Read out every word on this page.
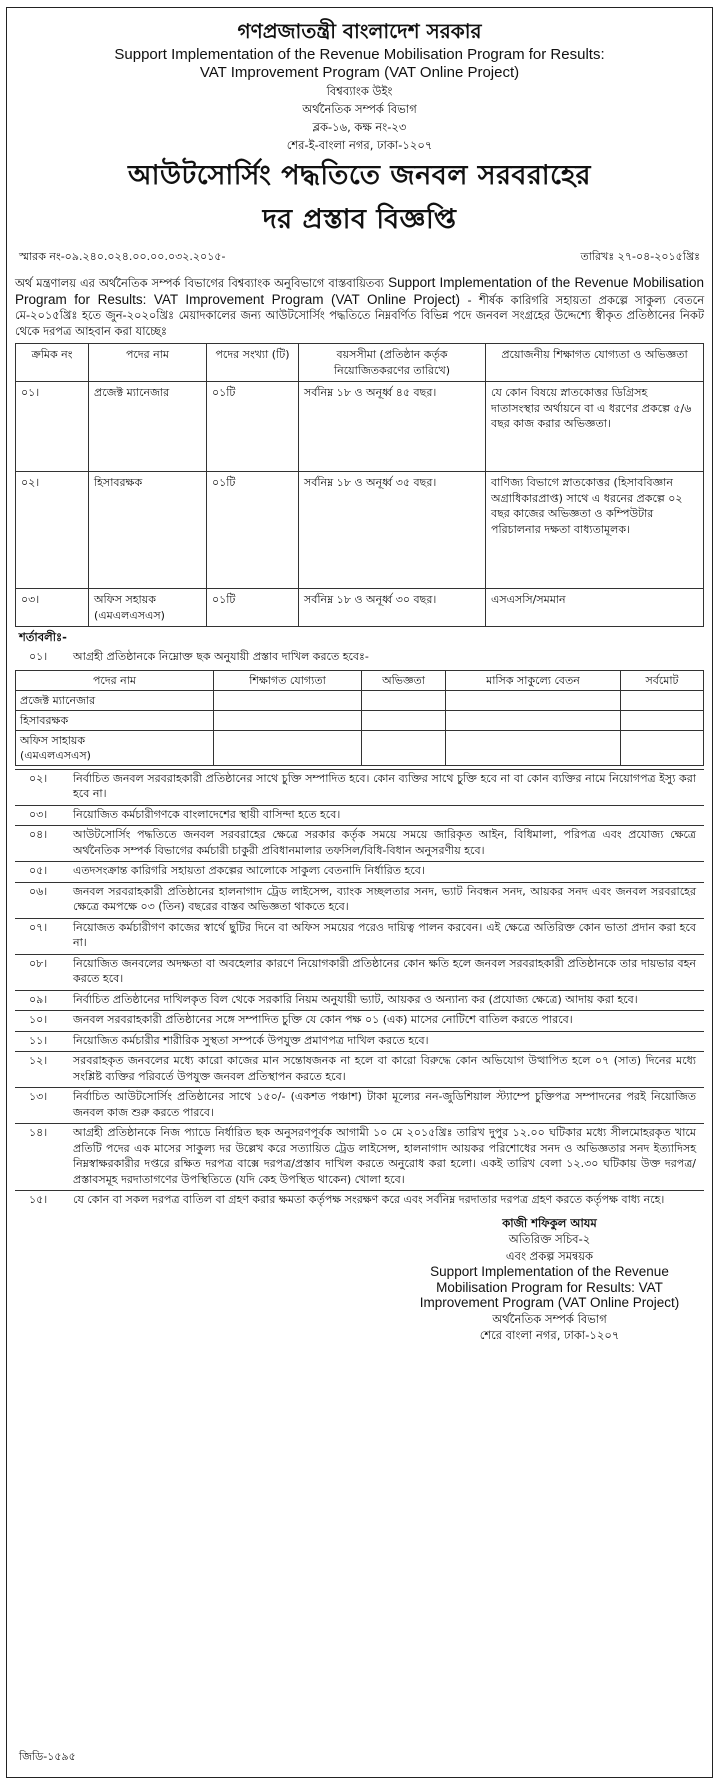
গণপ্রজাতন্ত্রী বাংলাদেশ সরকার
Support Implementation of the Revenue Mobilisation Program for Results:
VAT Improvement Program (VAT Online Project)
বিশ্বব্যাংক উইং
অর্থনৈতিক সম্পর্ক বিভাগ
ব্লক-১৬, কক্ষ নং-২৩
শের-ই-বাংলা নগর, ঢাকা-১২০৭
আউটসোর্সিং পদ্ধতিতে জনবল সরবরাহের
দর প্রস্তাব বিজ্ঞপ্তি
স্মারক নং-০৯.২৪০.০২৪.০০.০০.০৩২.২০১৫-	তারিখঃ ২৭-০৪-২০১৫খ্রিঃ

অর্থ মন্ত্রণালয় এর অর্থনৈতিক সম্পর্ক বিভাগের বিশ্বব্যাংক অনুবিভাগে বাস্তবায়িতব্য Support Implementation of the Revenue Mobilisation Program for Results: VAT Improvement Program (VAT Online Project) - শীর্ষক কারিগরি সহায়তা প্রকল্পে সাকুল্য বেতনে মে-২০১৫খ্রিঃ হতে জুন-২০২০খ্রিঃ মেয়াদকালের জন্য আউটসোর্সিং পদ্ধতিতে নিম্নবর্ণিত বিভিন্ন পদে জনবল সংগ্রহের উদ্দেশ্যে স্বীকৃত প্রতিষ্ঠানের নিকট থেকে দরপত্র আহবান করা যাচ্ছেঃ

ক্রমিক নং	পদের নাম	পদের সংখ্যা (টি)	বয়সসীমা (প্রতিষ্ঠান কর্তৃক নিয়োজিতকরণের তারিখে)	প্রয়োজনীয় শিক্ষাগত যোগ্যতা ও অভিজ্ঞতা
০১।	প্রজেক্ট ম্যানেজার	০১টি	সর্বনিম্ন ১৮ ও অনূর্ধ্ব ৪৫ বছর।	যে কোন বিষয়ে স্নাতকোত্তর ডিগ্রিসহ দাতাসংস্থার অর্থায়নে বা এ ধরণের প্রকল্পে ৫/৬ বছর কাজ করার অভিজ্ঞতা।
০২।	হিসাবরক্ষক	০১টি	সর্বনিম্ন ১৮ ও অনূর্ধ্ব ৩৫ বছর।	বাণিজ্য বিভাগে স্নাতকোত্তর (হিসাববিজ্ঞান অগ্রাধিকারপ্রাপ্ত) সাথে এ ধরনের প্রকল্পে ০২ বছর কাজের অভিজ্ঞতা ও কম্পিউটার পরিচালনার দক্ষতা বাধ্যতামূলক।
০৩।	অফিস সহায়ক (এমএলএসএস)	০১টি	সর্বনিম্ন ১৮ ও অনূর্ধ্ব ৩০ বছর।	এসএসসি/সমমান
শর্তাবলীঃ-
০১।	আগ্রহী প্রতিষ্ঠানকে নিম্নোক্ত ছক অনুযায়ী প্রস্তাব দাখিল করতে হবেঃ-
পদের নাম	শিক্ষাগত যোগ্যতা	অভিজ্ঞতা	মাসিক সাকুল্যে বেতন	সর্বমোট
প্রজেক্ট ম্যানেজার				
হিসাবরক্ষক				
অফিস সাহায়ক (এমএলএসএস)				
০২।	নির্বাচিত জনবল সরবরাহকারী প্রতিষ্ঠানের সাথে চুক্তি সম্পাদিত হবে। কোন ব্যক্তির সাথে চুক্তি হবে না বা কোন ব্যক্তির নামে নিয়োগপত্র ইস্যু করা হবে না।
০৩।	নিয়োজিত কর্মচারীগণকে বাংলাদেশের স্থায়ী বাসিন্দা হতে হবে।
০৪।	আউটসোর্সিং পদ্ধতিতে জনবল সরবরাহের ক্ষেত্রে সরকার কর্তৃক সময়ে সময়ে জারিকৃত আইন, বিধিমালা, পরিপত্র এবং প্রযোজ্য ক্ষেত্রে অর্থনৈতিক সম্পর্ক বিভাগের কর্মচারী চাকুরী প্রবিধানমালার তফসিল/বিধি-বিধান অনুসরণীয় হবে।
০৫।	এতদসংক্রান্ত কারিগরি সহায়তা প্রকল্পের আলোকে সাকুল্য বেতনাদি নির্ধারিত হবে।
০৬।	জনবল সরবরাহকারী প্রতিষ্ঠানের হালনাগাদ ট্রেড লাইসেন্স, ব্যাংক সচ্ছলতার সনদ, ভ্যাট নিবন্ধন সনদ, আয়কর সনদ এবং জনবল সরবরাহের ক্ষেত্রে কমপক্ষে ০৩ (তিন) বছরের বাস্তব অভিজ্ঞতা থাকতে হবে।
০৭।	নিয়োজত কর্মচারীগণ কাজের স্বার্থে ছুটির দিনে বা অফিস সময়ের পরেও দায়িত্ব পালন করবেন। এই ক্ষেত্রে অতিরিক্ত কোন ভাতা প্রদান করা হবে না।
০৮।	নিয়োজিত জনবলের অদক্ষতা বা অবহেলার কারণে নিয়োগকারী প্রতিষ্ঠানের কোন ক্ষতি হলে জনবল সরবরাহকারী প্রতিষ্ঠানকে তার দায়ভার বহন করতে হবে।
০৯।	নির্বাচিত প্রতিষ্ঠানের দাখিলকৃত বিল থেকে সরকারি নিয়ম অনুযায়ী ভ্যাট, আয়কর ও অন্যান্য কর (প্রযোজ্য ক্ষেত্রে) আদায় করা হবে।
১০।	জনবল সরবরাহকারী প্রতিষ্ঠানের সঙ্গে সম্পাদিত চুক্তি যে কোন পক্ষ ০১ (এক) মাসের নোটিশে বাতিল করতে পারবে।
১১।	নিয়োজিত কর্মচারীর শারীরিক সুস্থতা সম্পর্কে উপযুক্ত প্রমাণপত্র দাখিল করতে হবে।
১২।	সরবরাহকৃত জনবলের মধ্যে কারো কাজের মান সন্তোষজনক না হলে বা কারো বিরুদ্ধে কোন অভিযোগ উত্থাপিত হলে ০৭ (সাত) দিনের মধ্যে সংশ্লিষ্ট ব্যক্তির পরিবর্তে উপযুক্ত জনবল প্রতিস্থাপন করতে হবে।
১৩।	নির্বাচিত আউটসোর্সিং প্রতিষ্ঠানের সাথে ১৫০/- (একশত পঞ্চাশ) টাকা মূল্যের নন-জুডিশিয়াল স্ট্যাম্পে চুক্তিপত্র সম্পাদনের পরই নিয়োজিত জনবল কাজ শুরু করতে পারবে।
১৪।	আগ্রহী প্রতিষ্ঠানকে নিজ প্যাডে নির্ধারিত ছক অনুসরণপূর্বক আগামী ১০ মে ২০১৫খ্রিঃ তারিখ দুপুর ১২.০০ ঘটিকার মধ্যে সীলমোহরকৃত খামে প্রতিটি পদের এক মাসের সাকুল্য দর উল্লেখ করে সত্যায়িত ট্রেড লাইসেন্স, হালনাগাদ আয়কর পরিশোধের সনদ ও অভিজ্ঞতার সনদ ইত্যাদিসহ নিম্নস্বাক্ষরকারীর দপ্তরে রক্ষিত দরপত্র বাক্সে দরপত্র/প্রস্তাব দাখিল করতে অনুরোধ করা হলো। একই তারিখ বেলা ১২.৩০ ঘটিকায় উক্ত দরপত্র/প্রস্তাবসমূহ দরদাতাগণের উপস্থিতিতে (যদি কেহ উপস্থিত থাকেন) খোলা হবে।
১৫।	যে কোন বা সকল দরপত্র বাতিল বা গ্রহণ করার ক্ষমতা কর্তৃপক্ষ সংরক্ষণ করে এবং সর্বনিম্ন দরদাতার দরপত্র গ্রহণ করতে কর্তৃপক্ষ বাধ্য নহে।
কাজী শফিকুল আযম
অতিরিক্ত সচিব-২
এবং প্রকল্প সমন্বয়ক
Support Implementation of the Revenue
Mobilisation Program for Results: VAT
Improvement Program (VAT Online Project)
অর্থনৈতিক সম্পর্ক বিভাগ
শেরে বাংলা নগর, ঢাকা-১২০৭
জিডি-১৫৯৫
